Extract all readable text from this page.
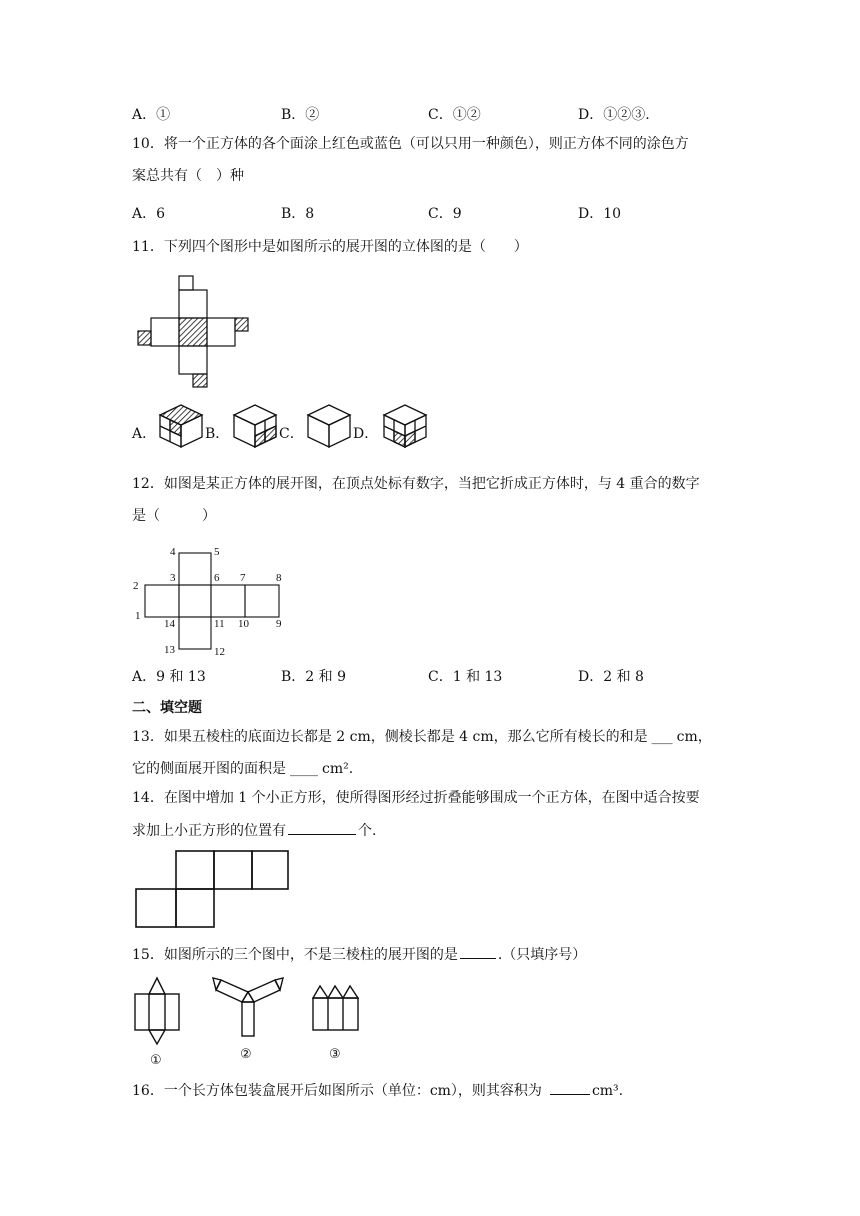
A．①	B．②	C．①②	D．①②③.
10．将一个正方体的各个面涂上红色或蓝色（可以只用一种颜色），则正方体不同的涂色方
案总共有（　）种
A．6	B．8	C．9	D．10
11．下列四个图形中是如图所示的展开图的立体图的是（　　）
A．	B．	C．	D．
12．如图是某正方体的展开图，在顶点处标有数字，当把它折成正方体时，与 4 重合的数字
是（　　　）
4	5
2
3	6 7	8
1
14	11 10 9
13	12
A．9 和 13	B．2 和 9	C．1 和 13	D．2 和 8
二、填空题
13．如果五棱柱的底面边长都是 2 cm，侧棱长都是 4 cm，那么它所有棱长的和是 ___ cm，
它的侧面展开图的面积是 ____ cm².
14．在图中增加 1 个小正方形，使所得图形经过折叠能够围成一个正方体，在图中适合按要
求加上小正方形的位置有	个.
15．如图所示的三个图中，不是三棱柱的展开图的是	.（只填序号）
①	②	③
16．一个长方体包装盒展开后如图所示（单位：cm），则其容积为	cm³.
